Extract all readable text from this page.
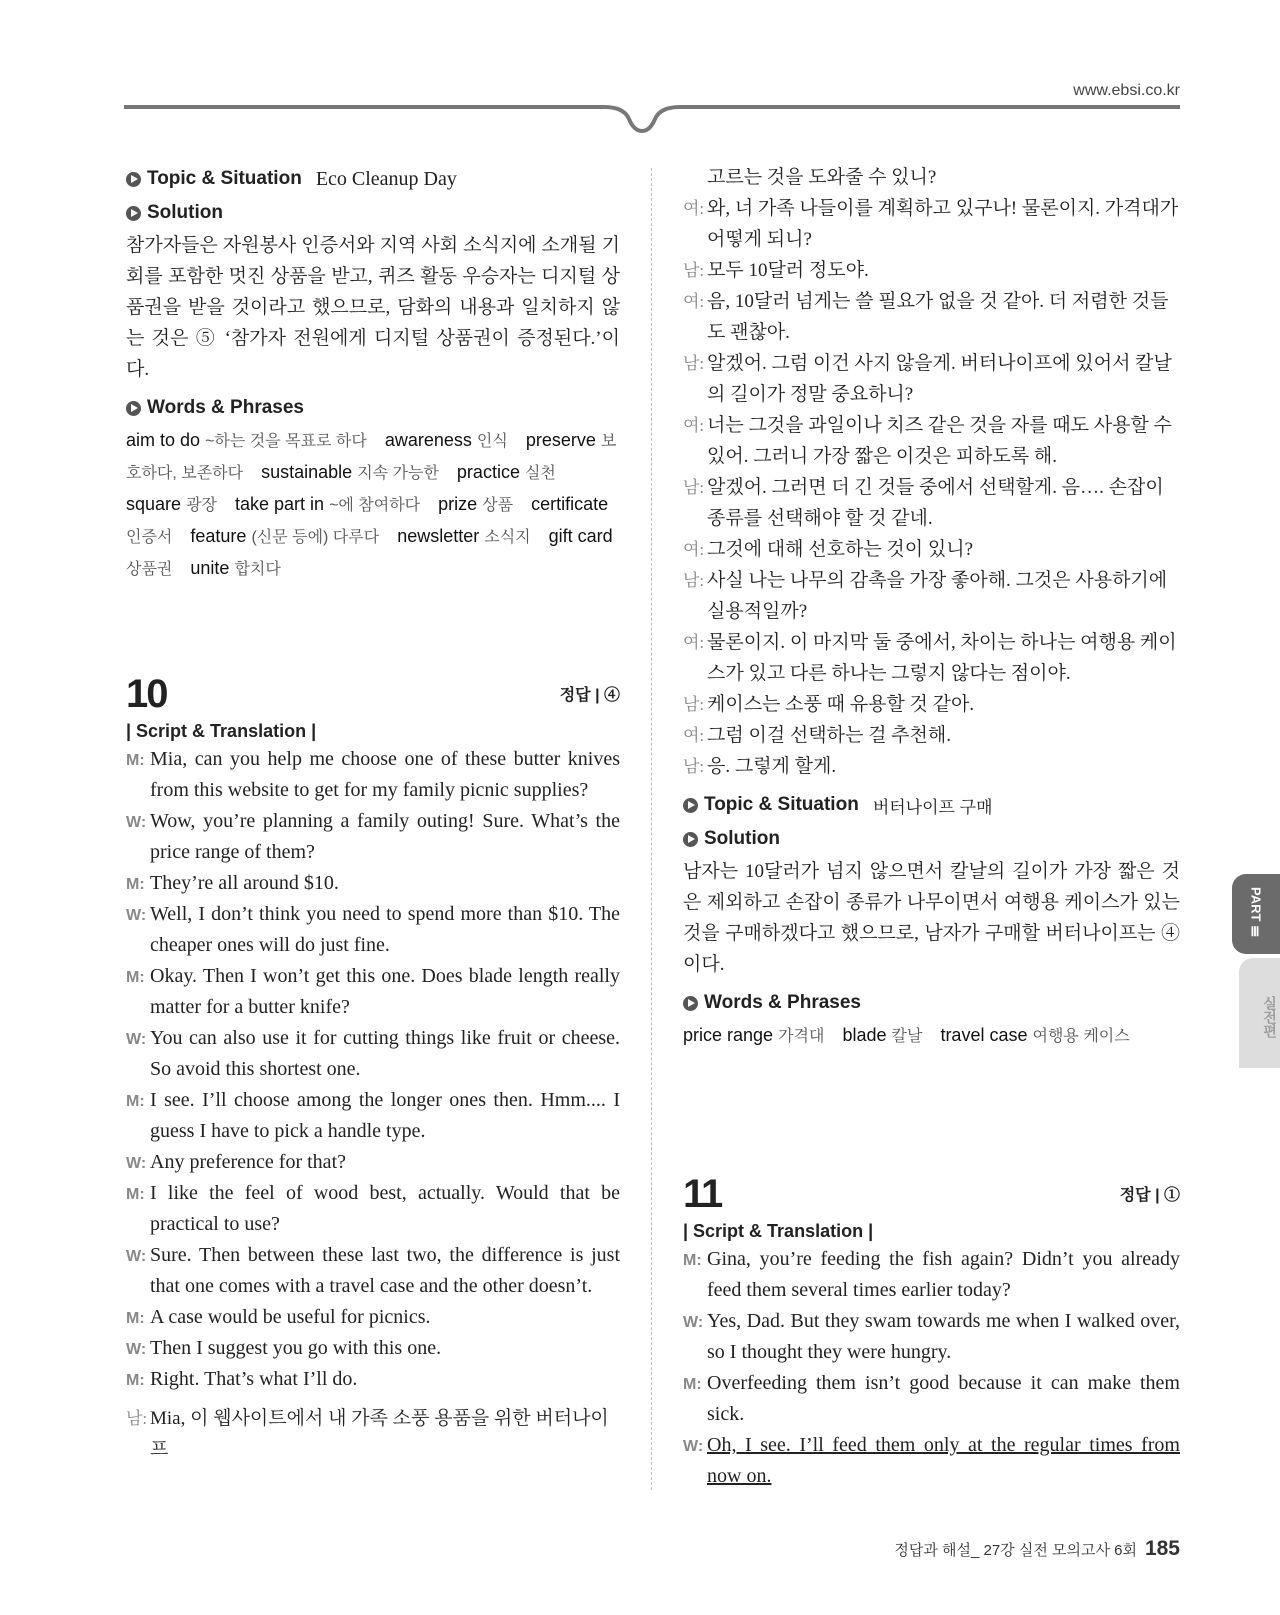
www.ebsi.co.kr
Topic & Situation Eco Cleanup Day
Solution
참가자들은 자원봉사 인증서와 지역 사회 소식지에 소개될 기회를 포함한 멋진 상품을 받고, 퀴즈 활동 우승자는 디지털 상품권을 받을 것이라고 했으므로, 담화의 내용과 일치하지 않는 것은 ⑤ ‘참가자 전원에게 디지털 상품권이 증정된다.’이다.
Words & Phrases
aim to do ~하는 것을 목표로 하다 awareness 인식 preserve 보호하다, 보존하다 sustainable 지속 가능한 practice 실천square 광장 take part in ~에 참여하다 prize 상품 certificate 인증서 feature (신문 등에) 다루다 newsletter 소식지 gift card 상품권 unite 합치다
10	정답 | ④
| Script & Translation |
M: Mia, can you help me choose one of these butter knives from this website to get for my family picnic supplies?
W: Wow, you’re planning a family outing! Sure. What’s the price range of them?
M: They’re all around $10.
W: Well, I don’t think you need to spend more than $10. The cheaper ones will do just fine.
M: Okay. Then I won’t get this one. Does blade length really matter for a butter knife?
W: You can also use it for cutting things like fruit or cheese. So avoid this shortest one.
M: I see. I’ll choose among the longer ones then. Hmm.... I guess I have to pick a handle type.
W: Any preference for that?
M: I like the feel of wood best, actually. Would that be practical to use?
W: Sure. Then between these last two, the difference is just that one comes with a travel case and the other doesn’t.
M: A case would be useful for picnics.
W: Then I suggest you go with this one.
M: Right. That’s what I’ll do.
남: Mia, 이 웹사이트에서 내 가족 소풍 용품을 위한 버터나이프
고르는 것을 도와줄 수 있니?
여: 와, 너 가족 나들이를 계획하고 있구나! 물론이지. 가격대가 어떻게 되니?
남: 모두 10달러 정도야.
여: 음, 10달러 넘게는 쓸 필요가 없을 것 같아. 더 저렴한 것들도 괜찮아.
남: 알겠어. 그럼 이건 사지 않을게. 버터나이프에 있어서 칼날의 길이가 정말 중요하니?
여: 너는 그것을 과일이나 치즈 같은 것을 자를 때도 사용할 수 있어. 그러니 가장 짧은 이것은 피하도록 해.
남: 알겠어. 그러면 더 긴 것들 중에서 선택할게. 음…. 손잡이 종류를 선택해야 할 것 같네.
여: 그것에 대해 선호하는 것이 있니?
남: 사실 나는 나무의 감촉을 가장 좋아해. 그것은 사용하기에 실용적일까?
여: 물론이지. 이 마지막 둘 중에서, 차이는 하나는 여행용 케이스가 있고 다른 하나는 그렇지 않다는 점이야.
남: 케이스는 소풍 때 유용할 것 같아.
여: 그럼 이걸 선택하는 걸 추천해.
남: 응. 그렇게 할게.
Topic & Situation 버터나이프 구매
Solution
남자는 10달러가 넘지 않으면서 칼날의 길이가 가장 짧은 것은 제외하고 손잡이 종류가 나무이면서 여행용 케이스가 있는 것을 구매하겠다고 했으므로, 남자가 구매할 버터나이프는 ④이다.
Words & Phrases
price range 가격대 blade 칼날 travel case 여행용 케이스
11	정답 | ①
| Script & Translation |
M: Gina, you’re feeding the fish again? Didn’t you already feed them several times earlier today?
W: Yes, Dad. But they swam towards me when I walked over, so I thought they were hungry.
M: Overfeeding them isn’t good because it can make them sick.
W: Oh, I see. I’ll feed them only at the regular times from now on.
PART Ⅲ
실전편
정답과 해설_ 27강 실전 모의고사 6회 185
